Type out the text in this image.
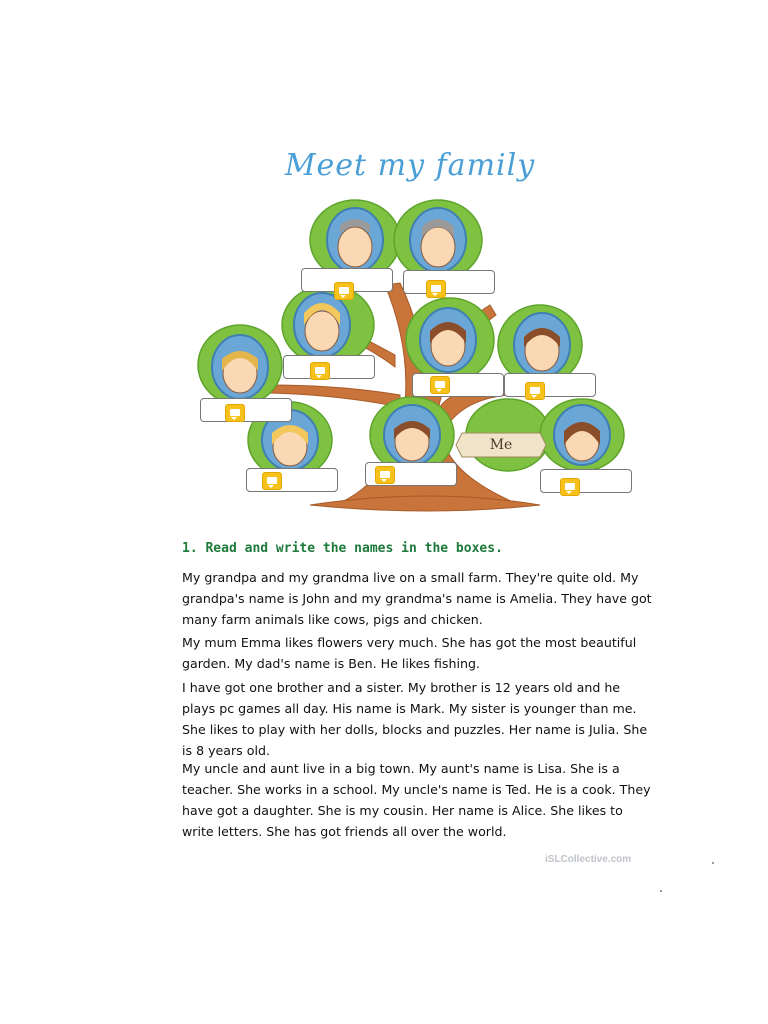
Meet my family
Me
1. Read and write the names in the boxes.

My grandpa and my grandma live on a small farm. They're quite old. My grandpa's name is John and my grandma's name is Amelia. They have got many farm animals like cows, pigs and chicken.

My mum Emma likes flowers very much. She has got the most beautiful garden. My dad's name is Ben. He likes fishing.

I have got one brother and a sister. My brother is 12 years old and he plays pc games all day. His name is Mark. My sister is younger than me. She likes to play with her dolls, blocks and puzzles. Her name is Julia. She is 8 years old.

My uncle and aunt live in a big town. My aunt's name is Lisa. She is a teacher. She works in a school. My uncle's name is Ted. He is a cook. They have got a daughter. She is my cousin. Her name is Alice. She likes to write letters. She has got friends all over the world.

iSLCollective.com
